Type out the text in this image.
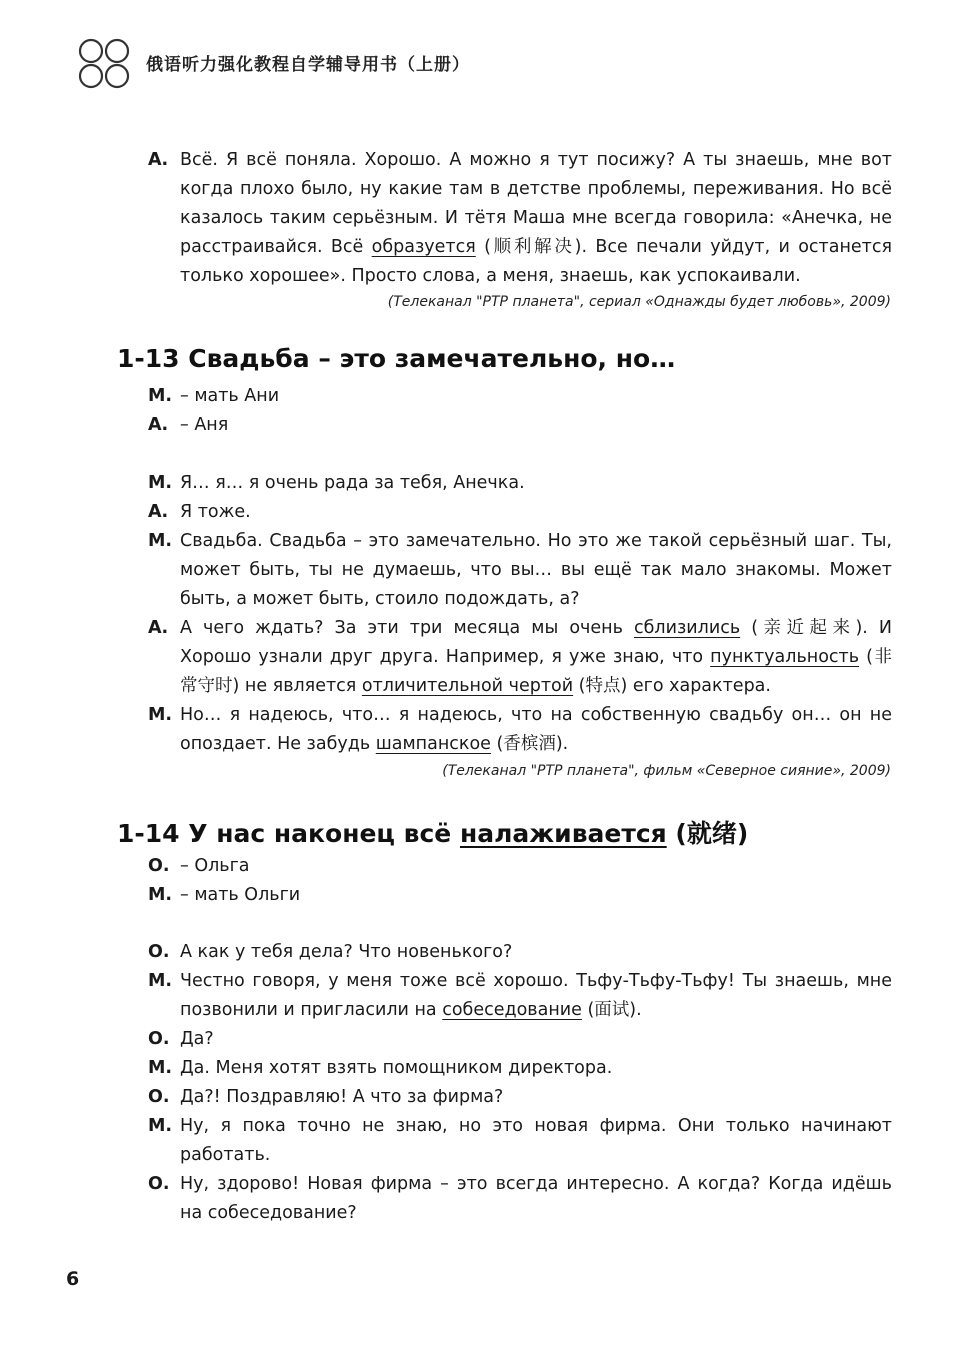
俄语听力强化教程自学辅导用书（上册）
А. Всё. Я всё поняла. Хорошо. А можно я тут посижу? А ты знаешь, мне вот
когда плохо было, ну какие там в детстве проблемы, переживания. Но всё
казалось таким серьёзным. И тётя Маша мне всегда говорила: «Анечка, не
расстраивайся. Всё образуется (顺利解决). Все печали уйдут, и останется
только хорошее». Просто слова, а меня, знаешь, как успокаивали.
(Телеканал "РТР планета", сериал «Однажды будет любовь», 2009)
1-13 Свадьба – это замечательно, но…
М. – мать Ани
А. – Аня
М. Я… я… я очень рада за тебя, Анечка.
А. Я тоже.
М. Свадьба. Свадьба – это замечательно. Но это же такой серьёзный шаг. Ты,
может быть, ты не думаешь, что вы… вы ещё так мало знакомы. Может
быть, а может быть, стоило подождать, а?
А. А чего ждать? За эти три месяца мы очень сблизились (亲近起来). И
Хорошо узнали друг друга. Например, я уже знаю, что пунктуальность (非
常守时) не является отличительной чертой (特点) его характера.
М. Но… я надеюсь, что… я надеюсь, что на собственную свадьбу он… он не
опоздает. Не забудь шампанское (香槟酒).
(Телеканал "РТР планета", фильм «Северное сияние», 2009)
1-14 У нас наконец всё налаживается (就绪)
О. – Ольга
М. – мать Ольги
О. А как у тебя дела? Что новенького?
М. Честно говоря, у меня тоже всё хорошо. Тьфу-Тьфу-Тьфу! Ты знаешь, мне
позвонили и пригласили на собеседование (面试).
О. Да?
М. Да. Меня хотят взять помощником директора.
О. Да?! Поздравляю! А что за фирма?
М. Ну, я пока точно не знаю, но это новая фирма. Они только начинают
работать.
О. Ну, здорово! Новая фирма – это всегда интересно. А когда? Когда идёшь
на собеседование?
6
